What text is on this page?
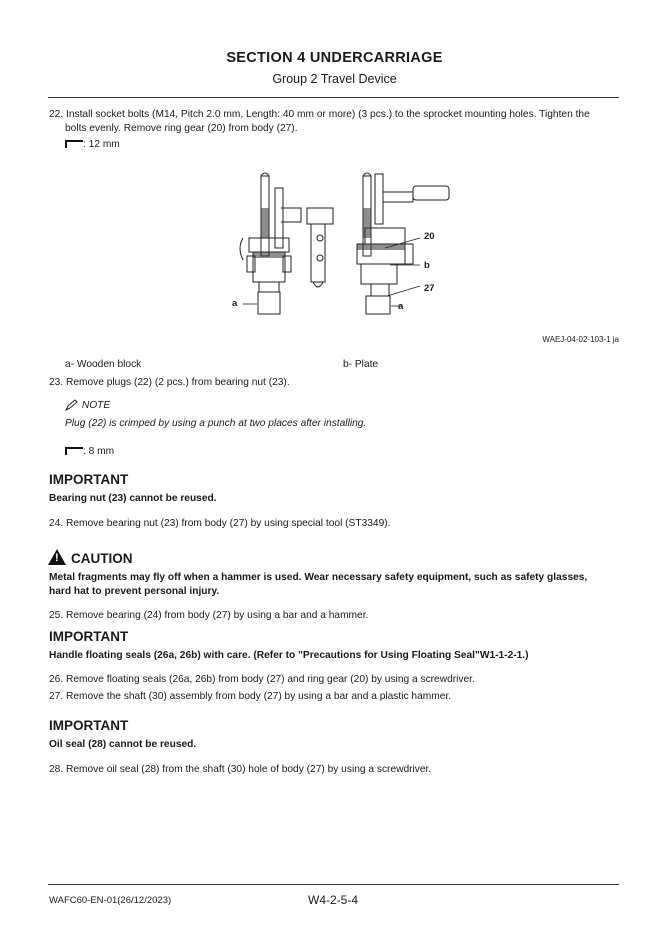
SECTION 4 UNDERCARRIAGE
Group 2 Travel Device
22. Install socket bolts (M14, Pitch 2.0 mm, Length: 40 mm or more) (3 pcs.) to the sprocket mounting holes. Tighten the
bolts evenly. Remove ring gear (20) from body (27).
: 12 mm
20
b
27
a	a
WAEJ-04-02-103-1 ja
a- Wooden block	b- Plate
23. Remove plugs (22) (2 pcs.) from bearing nut (23).
NOTE
Plug (22) is crimped by using a punch at two places after installing.
: 8 mm
IMPORTANT
Bearing nut (23) cannot be reused.
24. Remove bearing nut (23) from body (27) by using special tool (ST3349).
! CAUTION
Metal fragments may fly off when a hammer is used. Wear necessary safety equipment, such as safety glasses,
hard hat to prevent personal injury.
25. Remove bearing (24) from body (27) by using a bar and a hammer.
IMPORTANT
Handle floating seals (26a, 26b) with care. (Refer to "Precautions for Using Floating Seal"W1-1-2-1.)
26. Remove floating seals (26a, 26b) from body (27) and ring gear (20) by using a screwdriver.
27. Remove the shaft (30) assembly from body (27) by using a bar and a plastic hammer.
IMPORTANT
Oil seal (28) cannot be reused.
28. Remove oil seal (28) from the shaft (30) hole of body (27) by using a screwdriver.
WAFC60-EN-01(26/12/2023)	W4-2-5-4
